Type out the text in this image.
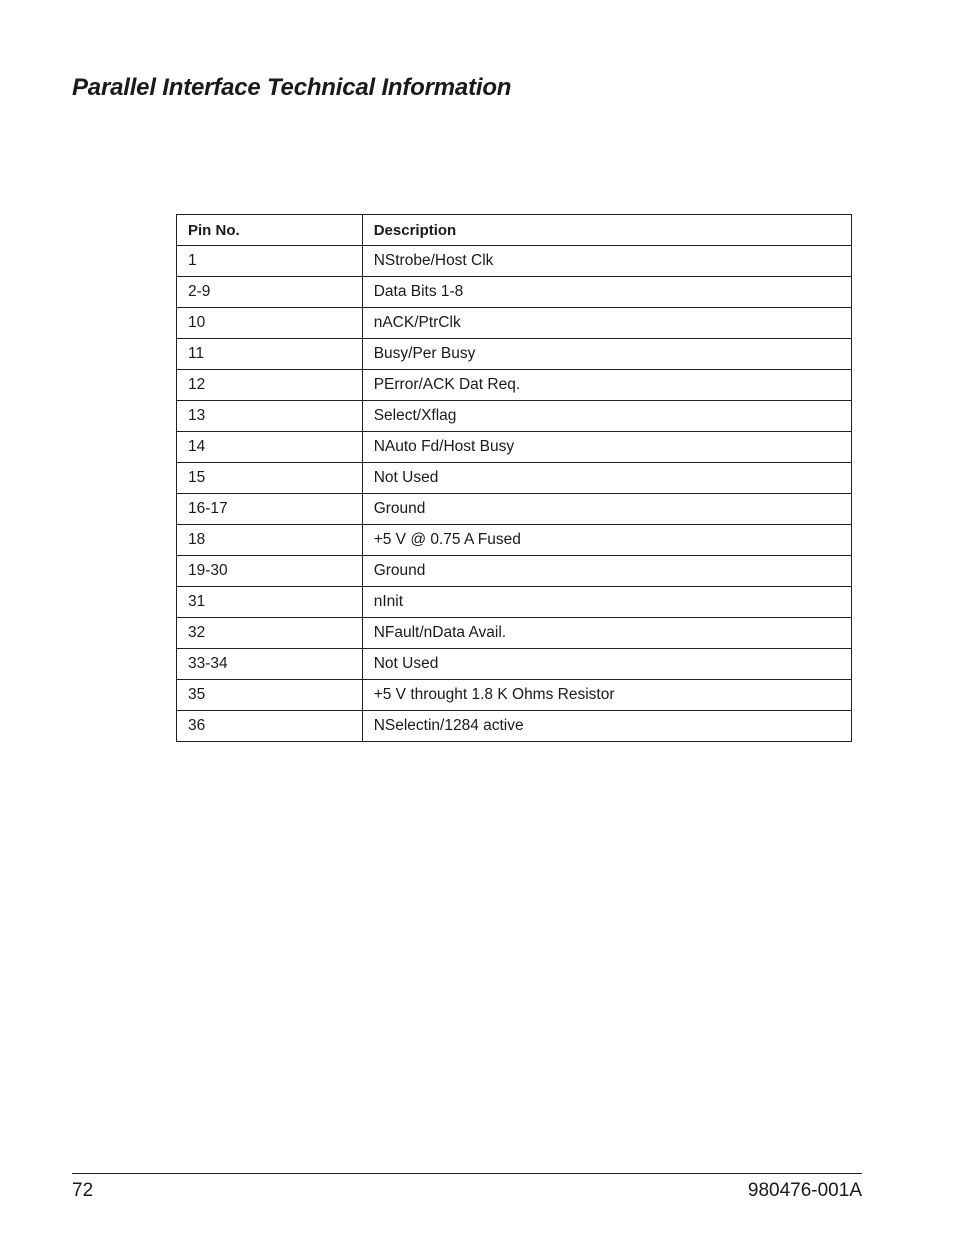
Parallel Interface Technical Information
Pin No.	Description
1	NStrobe/Host Clk
2-9	Data Bits 1-8
10	nACK/PtrClk
11	Busy/Per Busy
12	PError/ACK Dat Req.
13	Select/Xflag
14	NAuto Fd/Host Busy
15	Not Used
16-17	Ground
18	+5 V @ 0.75 A Fused
19-30	Ground
31	nInit
32	NFault/nData Avail.
33-34	Not Used
35	+5 V throught 1.8 K Ohms Resistor
36	NSelectin/1284 active
72	980476-001A
